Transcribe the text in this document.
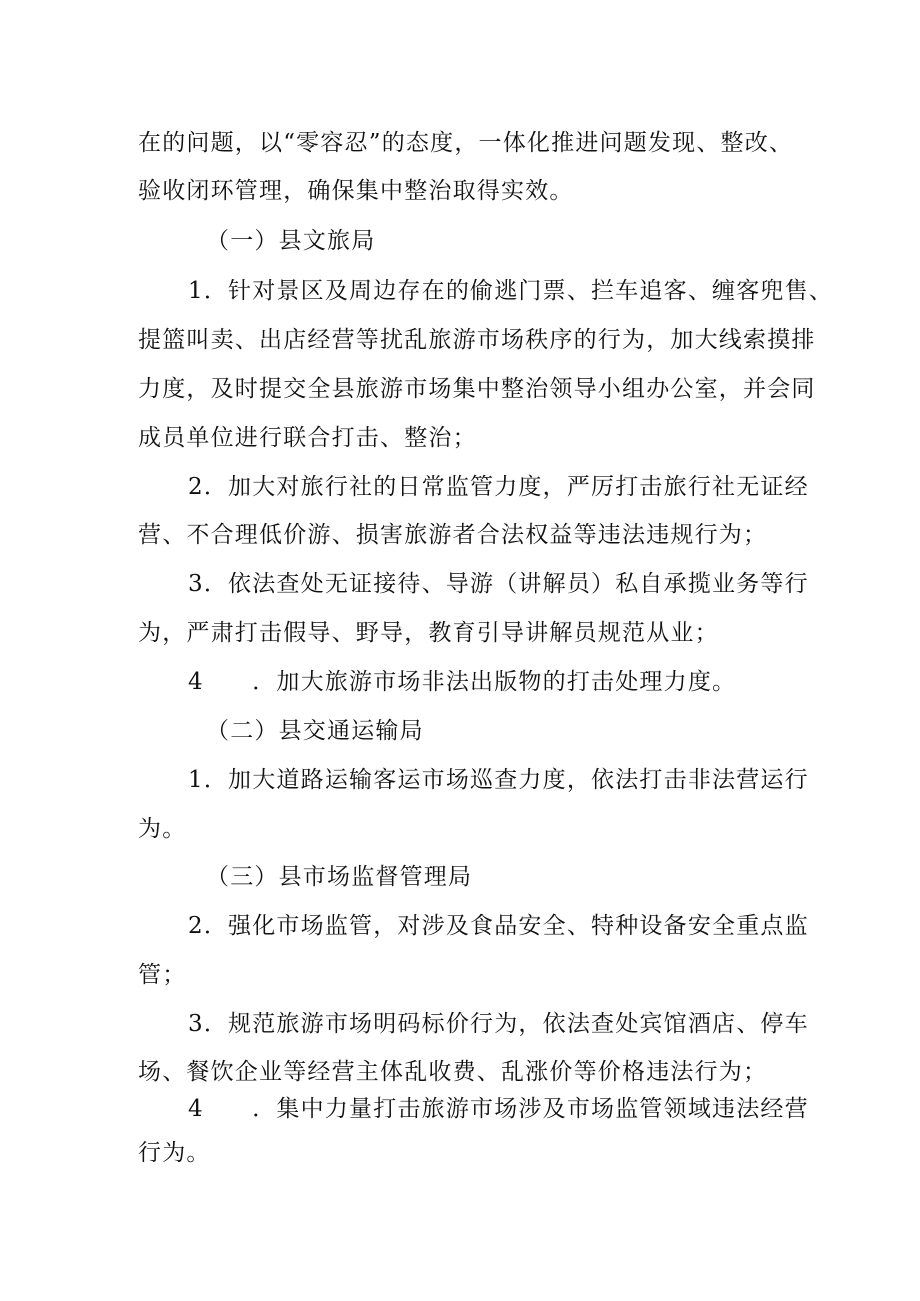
在的问题，以“零容忍”的态度，一体化推进问题发现、整改、
验收闭环管理，确保集中整治取得实效。
（一）县文旅局
1．针对景区及周边存在的偷逃门票、拦车追客、缠客兜售、
提篮叫卖、出店经营等扰乱旅游市场秩序的行为，加大线索摸排
力度，及时提交全县旅游市场集中整治领导小组办公室，并会同
成员单位进行联合打击、整治；
2．加大对旅行社的日常监管力度，严厉打击旅行社无证经
营、不合理低价游、损害旅游者合法权益等违法违规行为；
3．依法查处无证接待、导游（讲解员）私自承揽业务等行
为，严肃打击假导、野导，教育引导讲解员规范从业；
4　　．加大旅游市场非法出版物的打击处理力度。
（二）县交通运输局
1．加大道路运输客运市场巡查力度，依法打击非法营运行
为。
（三）县市场监督管理局
2．强化市场监管，对涉及食品安全、特种设备安全重点监
管；
3．规范旅游市场明码标价行为，依法查处宾馆酒店、停车
场、餐饮企业等经营主体乱收费、乱涨价等价格违法行为；
4　　．集中力量打击旅游市场涉及市场监管领域违法经营
行为。
